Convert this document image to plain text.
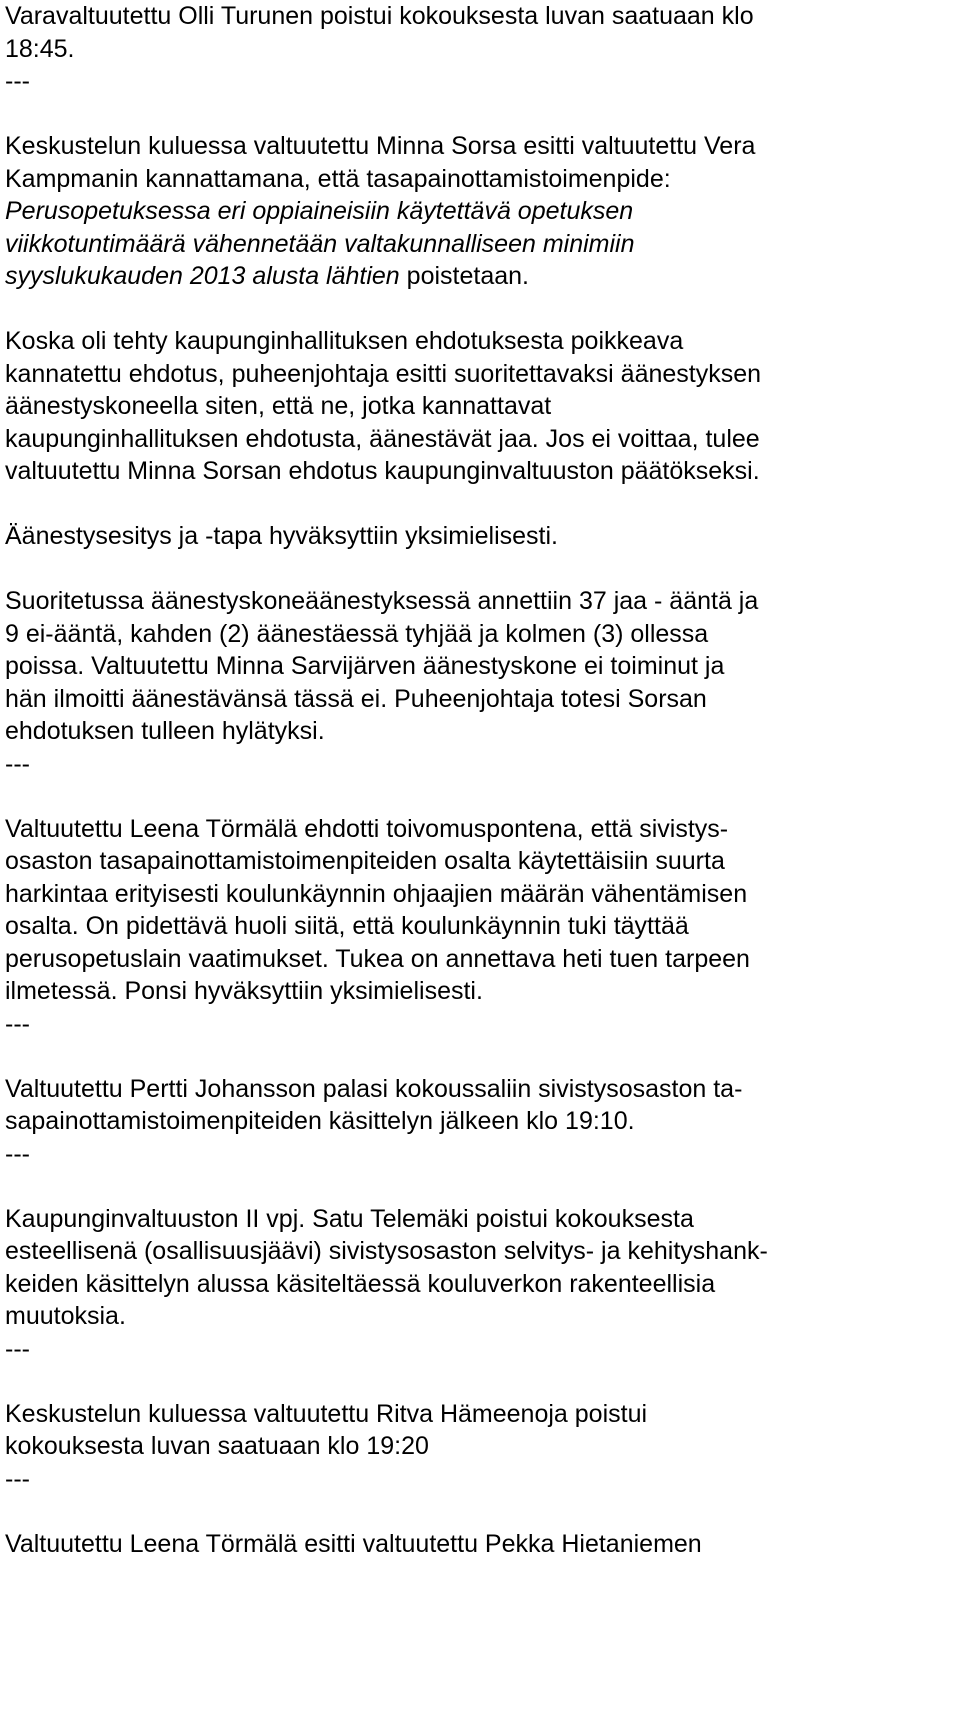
Varavaltuutettu Olli Turunen poistui kokouksesta luvan saatuaan klo
18:45.
---
Keskustelun kuluessa valtuutettu Minna Sorsa esitti valtuutettu Vera
Kampmanin kannattamana, että tasapainottamistoimenpide:
Perusopetuksessa eri oppiaineisiin käytettävä opetuksen
viikkotuntimäärä vähennetään valtakunnalliseen minimiin
syyslukukauden 2013 alusta lähtien poistetaan.
Koska oli tehty kaupunginhallituksen ehdotuksesta poikkeava
kannatettu ehdotus, puheenjohtaja esitti suoritettavaksi äänestyksen
äänestyskoneella siten, että ne, jotka kannattavat
kaupunginhallituksen ehdotusta, äänestävät jaa. Jos ei voittaa, tulee
valtuutettu Minna Sorsan ehdotus kaupunginvaltuuston päätökseksi.
Äänestysesitys ja -tapa hyväksyttiin yksimielisesti.
Suoritetussa äänestyskoneäänestyksessä annettiin 37 jaa - ääntä ja
9 ei-ääntä, kahden (2) äänestäessä tyhjää ja kolmen (3) ollessa
poissa. Valtuutettu Minna Sarvijärven äänestyskone ei toiminut ja
hän ilmoitti äänestävänsä tässä ei. Puheenjohtaja totesi Sorsan
ehdotuksen tulleen hylätyksi.
---
Valtuutettu Leena Törmälä ehdotti toivomuspontena, että sivistys-
osaston tasapainottamistoimenpiteiden osalta käytettäisiin suurta
harkintaa erityisesti koulunkäynnin ohjaajien määrän vähentämisen
osalta. On pidettävä huoli siitä, että koulunkäynnin tuki täyttää
perusopetuslain vaatimukset. Tukea on annettava heti tuen tarpeen
ilmetessä. Ponsi hyväksyttiin yksimielisesti.
---
Valtuutettu Pertti Johansson palasi kokoussaliin sivistysosaston ta-
sapainottamistoimenpiteiden käsittelyn jälkeen klo 19:10.
---
Kaupunginvaltuuston II vpj. Satu Telemäki poistui kokouksesta
esteellisenä (osallisuusjäävi) sivistysosaston selvitys- ja kehityshank-
keiden käsittelyn alussa käsiteltäessä kouluverkon rakenteellisia
muutoksia.
---
Keskustelun kuluessa valtuutettu Ritva Hämeenoja poistui
kokouksesta luvan saatuaan klo 19:20
---
Valtuutettu Leena Törmälä esitti valtuutettu Pekka Hietaniemen
